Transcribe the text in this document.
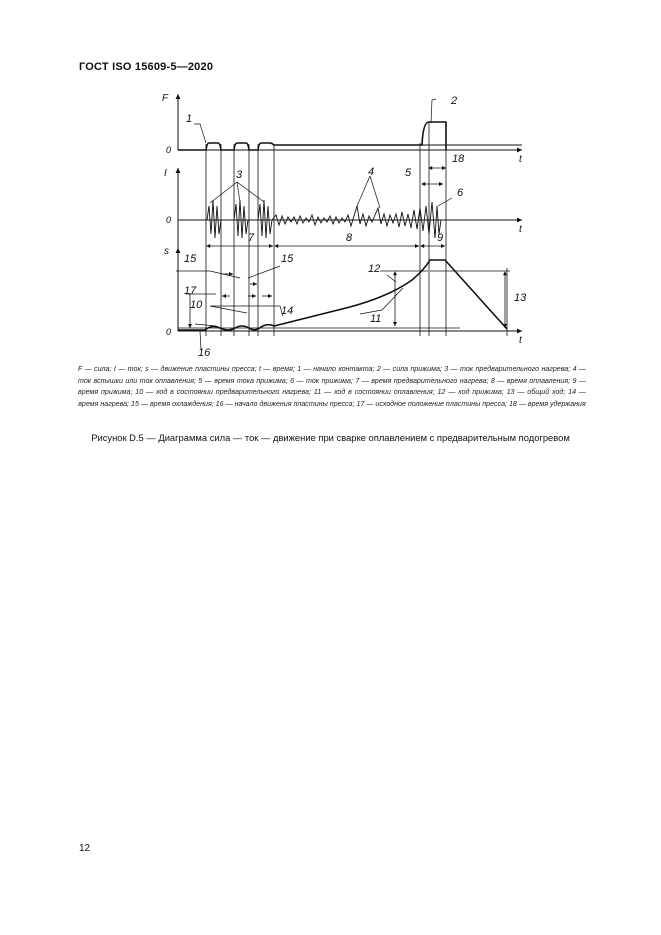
ГОСТ ISO 15609-5—2020
F
0
t
I
0
t
s
0
t
1
2
3	4	5
6
7	8	9
10
11
12
13
14
15	15
16
17
18
F — сила; I — ток; s — движение пластины пресса; t — время; 1 — начало контакта; 2 — сила прижима; 3 — ток предварительного нагрева; 4 — ток вспышки или ток оплавления; 5 — время тока прижима; 6 — ток прижима; 7 — время предварительного нагрева; 8 — время оплавления; 9 — время прижима; 10 — ход в состоянии предварительного нагрева; 11 — ход в состоянии оплавления; 12 — ход прижима; 13 — общий ход; 14 — время нагрева; 15 — время охлаждения; 16 — начало движения пластины пресса; 17 — исходное положение пластины пресса; 18 — время удержания
Рисунок D.5 — Диаграмма сила — ток — движение при сварке оплавлением с предварительным подогревом
12
